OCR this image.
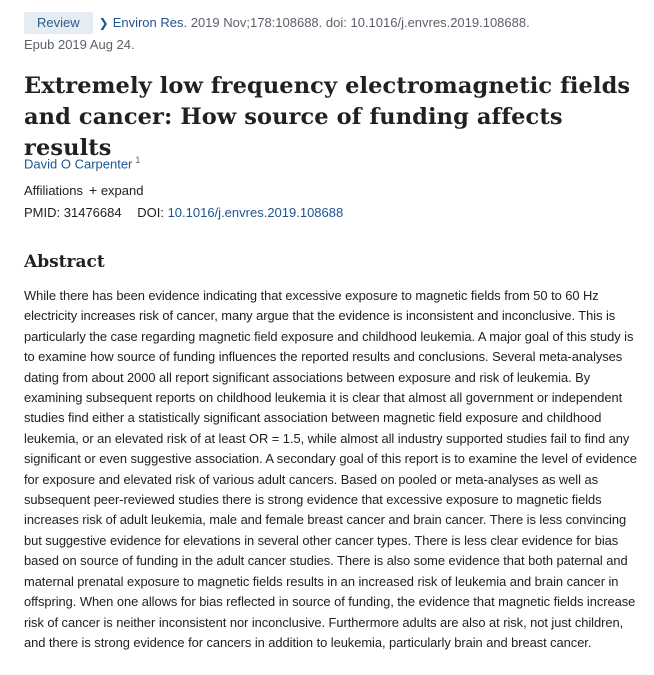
Review ❯ Environ Res. 2019 Nov;178:108688. doi: 10.1016/j.envres.2019.108688.
Epub 2019 Aug 24.
Extremely low frequency electromagnetic fields and cancer: How source of funding affects results
David O Carpenter $^1$
Affiliations + expand
PMID: 31476684 DOI: 10.1016/j.envres.2019.108688
Abstract

While there has been evidence indicating that excessive exposure to magnetic fields from 50 to 60 Hz electricity increases risk of cancer, many argue that the evidence is inconsistent and inconclusive. This is particularly the case regarding magnetic field exposure and childhood leukemia. A major goal of this study is to examine how source of funding influences the reported results and conclusions. Several meta-analyses dating from about 2000 all report significant associations between exposure and risk of leukemia. By examining subsequent reports on childhood leukemia it is clear that almost all government or independent studies find either a statistically significant association between magnetic field exposure and childhood leukemia, or an elevated risk of at least OR = 1.5, while almost all industry supported studies fail to find any significant or even suggestive association. A secondary goal of this report is to examine the level of evidence for exposure and elevated risk of various adult cancers. Based on pooled or meta-analyses as well as subsequent peer-reviewed studies there is strong evidence that excessive exposure to magnetic fields increases risk of adult leukemia, male and female breast cancer and brain cancer. There is less convincing but suggestive evidence for elevations in several other cancer types. There is less clear evidence for bias based on source of funding in the adult cancer studies. There is also some evidence that both paternal and maternal prenatal exposure to magnetic fields results in an increased risk of leukemia and brain cancer in offspring. When one allows for bias reflected in source of funding, the evidence that magnetic fields increase risk of cancer is neither inconsistent nor inconclusive. Furthermore adults are also at risk, not just children, and there is strong evidence for cancers in addition to leukemia, particularly brain and breast cancer.
